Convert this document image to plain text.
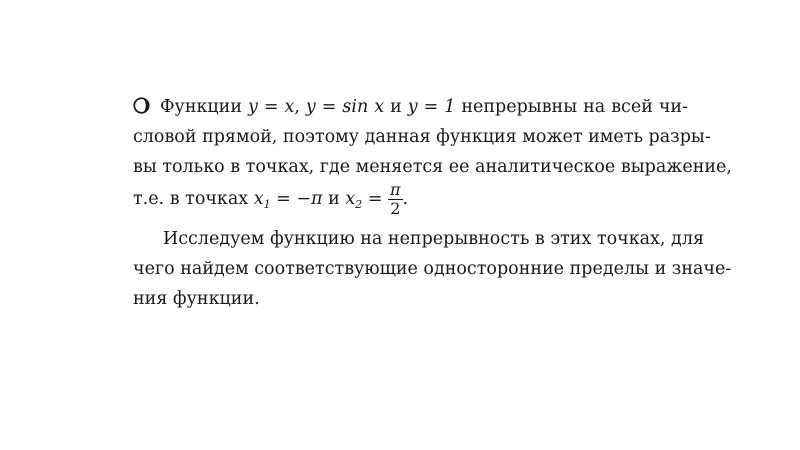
Функции y = x, y = sin x и y = 1 непрерывны на всей чи-
словой прямой, поэтому данная функция может иметь разры-
вы только в точках, где меняется ее аналитическое выражение,
т.е. в точках $x_1 = -\pi$ и $x_2 = \frac{\pi}{2}$ .
Исследуем функцию на непрерывность в этих точках, для
чего найдем соответствующие односторонние пределы и значе-
ния функции.
